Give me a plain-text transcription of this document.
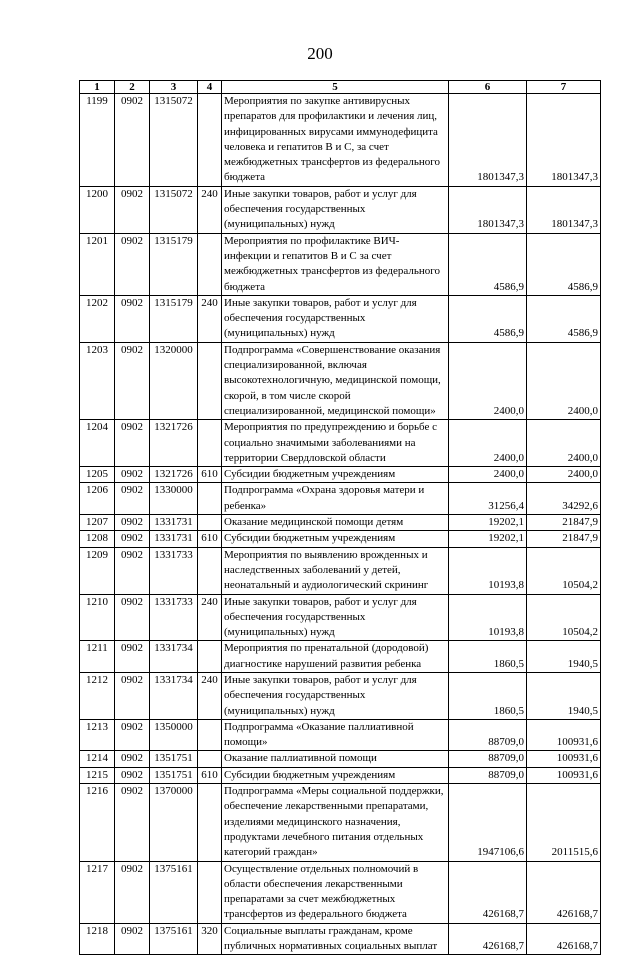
200
1	2	3	4	5	6	7
1199	0902	1315072		Мероприятия по закупке антивирусных препаратов для профилактики и лечения лиц, инфицированных вирусами иммунодефицита человека и гепатитов В и С, за счет межбюджетных трансфертов из федерального бюджета	1801347,3	1801347,3
1200	0902	1315072	240	Иные закупки товаров, работ и услуг для обеспечения государственных (муниципальных) нужд	1801347,3	1801347,3
1201	0902	1315179		Мероприятия по профилактике ВИЧ-инфекции и гепатитов В и С за счет межбюджетных трансфертов из федерального бюджета	4586,9	4586,9
1202	0902	1315179	240	Иные закупки товаров, работ и услуг для обеспечения государственных (муниципальных) нужд	4586,9	4586,9
1203	0902	1320000		Подпрограмма «Совершенствование оказания специализированной, включая высокотехнологичную, медицинской помощи, скорой, в том числе скорой специализированной, медицинской помощи»	2400,0	2400,0
1204	0902	1321726		Мероприятия по предупреждению и борьбе с социально значимыми заболеваниями на территории Свердловской области	2400,0	2400,0
1205	0902	1321726	610	Субсидии бюджетным учреждениям	2400,0	2400,0
1206	0902	1330000		Подпрограмма «Охрана здоровья матери и ребенка»	31256,4	34292,6
1207	0902	1331731		Оказание медицинской помощи детям	19202,1	21847,9
1208	0902	1331731	610	Субсидии бюджетным учреждениям	19202,1	21847,9
1209	0902	1331733		Мероприятия по выявлению врожденных и наследственных заболеваний у детей, неонатальный и аудиологический скрининг	10193,8	10504,2
1210	0902	1331733	240	Иные закупки товаров, работ и услуг для обеспечения государственных (муниципальных) нужд	10193,8	10504,2
1211	0902	1331734		Мероприятия по пренатальной (дородовой) диагностике нарушений развития ребенка	1860,5	1940,5
1212	0902	1331734	240	Иные закупки товаров, работ и услуг для обеспечения государственных (муниципальных) нужд	1860,5	1940,5
1213	0902	1350000		Подпрограмма «Оказание паллиативной помощи»	88709,0	100931,6
1214	0902	1351751		Оказание паллиативной помощи	88709,0	100931,6
1215	0902	1351751	610	Субсидии бюджетным учреждениям	88709,0	100931,6
1216	0902	1370000		Подпрограмма «Меры социальной поддержки, обеспечение лекарственными препаратами, изделиями медицинского назначения, продуктами лечебного питания отдельных категорий граждан»	1947106,6	2011515,6
1217	0902	1375161		Осуществление отдельных полномочий в области обеспечения лекарственными препаратами за счет межбюджетных трансфертов из федерального бюджета	426168,7	426168,7
1218	0902	1375161	320	Социальные выплаты гражданам, кроме публичных нормативных социальных выплат	426168,7	426168,7
